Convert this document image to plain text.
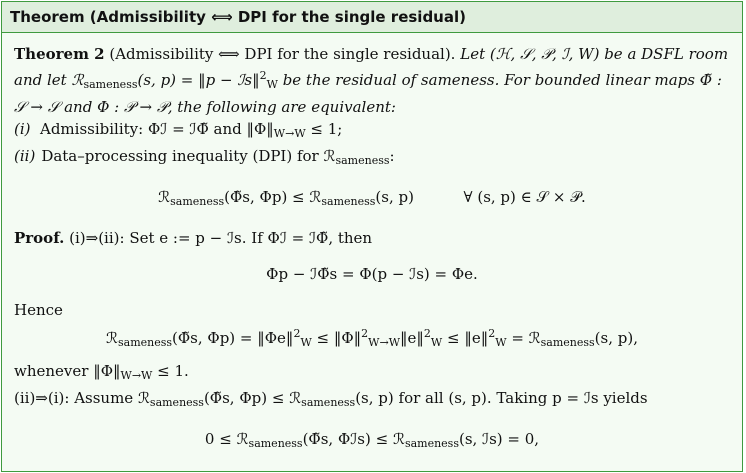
Theorem (Admissibility ⟺ DPI for the single residual)

Theorem 2 (Admissibility ⟺ DPI for the single residual). Let (ℋ, 𝒮, 𝒫, ℐ, W) be a DSFL room and let ℛ$_{sameness}$(s, p) = ‖p − ℐs‖$^2_W$ be the residual of sameness. For bounded linear maps Φ̃ : 𝒮 → 𝒮 and Φ : 𝒫 → 𝒫, the following are equivalent:

(i) Admissibility: Φℐ = ℐΦ̃ and $‖\Phi‖_{W\to W} \le 1$;
(ii) Data–processing inequality (DPI) for ℛ$_{sameness}$:
ℛ$_{sameness}$(Φ̃s, Φp) ≤ ℛ$_{sameness}$(s, p)	∀ (s, p) ∈ 𝒮 × 𝒫.

Proof. (i)⇒(ii): Set e := p − ℐs. If Φℐ = ℐΦ̃, then

Φp − ℐΦ̃s = Φ(p − ℐs) = Φe.

Hence

ℛ$_{sameness}$(Φ̃s, Φp) = ‖Φe‖$^2_W$ ≤ ‖Φ‖$^2_{W\to W}$‖e‖$^2_W$ ≤ ‖e‖$^2_W$ = ℛ$_{sameness}$(s, p),

whenever $‖\Phi‖_{W\to W} \le 1$.

(ii)⇒(i): Assume ℛ$_{sameness}$(Φ̃s, Φp) ≤ ℛ$_{sameness}$(s, p) for all (s, p). Taking p = ℐs yields

0 ≤ ℛ$_{sameness}$(Φ̃s, Φℐs) ≤ ℛ$_{sameness}$(s, ℐs) = 0,
